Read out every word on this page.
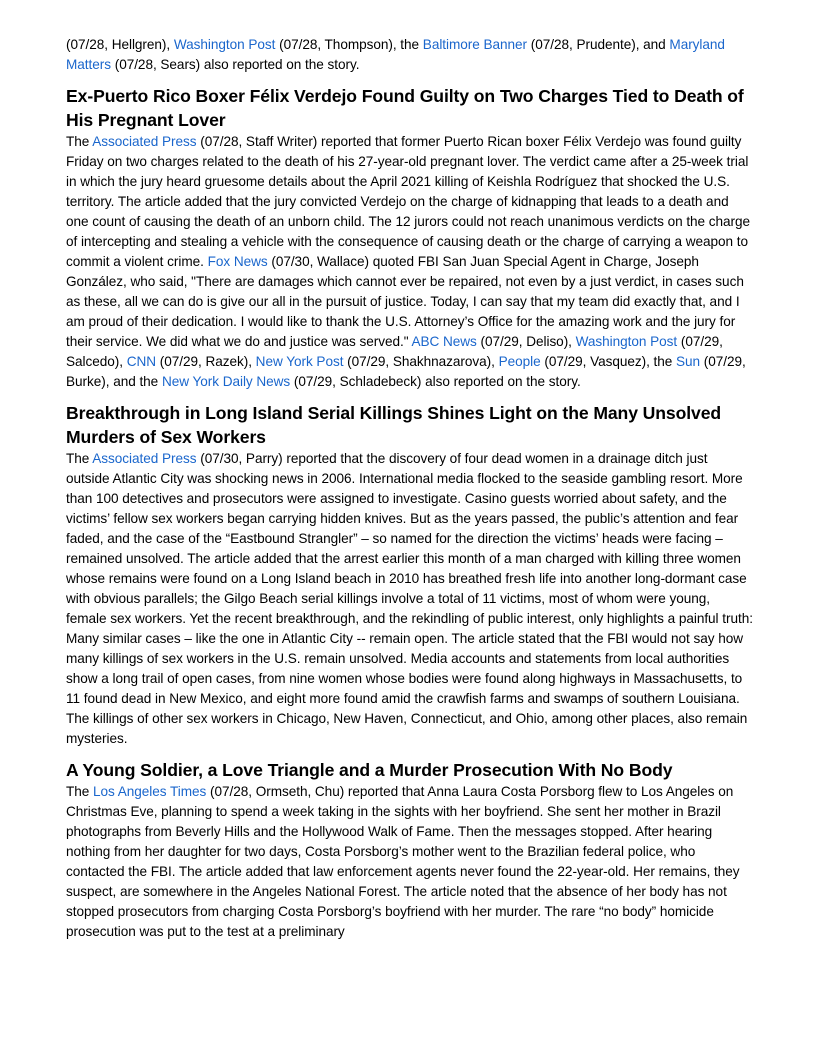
(07/28, Hellgren), Washington Post (07/28, Thompson), the Baltimore Banner (07/28, Prudente), and Maryland Matters (07/28, Sears) also reported on the story.

Ex-Puerto Rico Boxer Félix Verdejo Found Guilty on Two Charges Tied to Death of His Pregnant Lover

The Associated Press (07/28, Staff Writer) reported that former Puerto Rican boxer Félix Verdejo was found guilty Friday on two charges related to the death of his 27-year-old pregnant lover. The verdict came after a 25-week trial in which the jury heard gruesome details about the April 2021 killing of Keishla Rodríguez that shocked the U.S. territory. The article added that the jury convicted Verdejo on the charge of kidnapping that leads to a death and one count of causing the death of an unborn child. The 12 jurors could not reach unanimous verdicts on the charge of intercepting and stealing a vehicle with the consequence of causing death or the charge of carrying a weapon to commit a violent crime. Fox News (07/30, Wallace) quoted FBI San Juan Special Agent in Charge, Joseph González, who said, "There are damages which cannot ever be repaired, not even by a just verdict, in cases such as these, all we can do is give our all in the pursuit of justice. Today, I can say that my team did exactly that, and I am proud of their dedication. I would like to thank the U.S. Attorney’s Office for the amazing work and the jury for their service. We did what we do and justice was served." ABC News (07/29, Deliso), Washington Post (07/29, Salcedo), CNN (07/29, Razek), New York Post (07/29, Shakhnazarova), People (07/29, Vasquez), the Sun (07/29, Burke), and the New York Daily News (07/29, Schladebeck) also reported on the story.

Breakthrough in Long Island Serial Killings Shines Light on the Many Unsolved Murders of Sex Workers

The Associated Press (07/30, Parry) reported that the discovery of four dead women in a drainage ditch just outside Atlantic City was shocking news in 2006. International media flocked to the seaside gambling resort. More than 100 detectives and prosecutors were assigned to investigate. Casino guests worried about safety, and the victims’ fellow sex workers began carrying hidden knives. But as the years passed, the public’s attention and fear faded, and the case of the “Eastbound Strangler” – so named for the direction the victims’ heads were facing – remained unsolved. The article added that the arrest earlier this month of a man charged with killing three women whose remains were found on a Long Island beach in 2010 has breathed fresh life into another long-dormant case with obvious parallels; the Gilgo Beach serial killings involve a total of 11 victims, most of whom were young, female sex workers. Yet the recent breakthrough, and the rekindling of public interest, only highlights a painful truth: Many similar cases – like the one in Atlantic City -- remain open. The article stated that the FBI would not say how many killings of sex workers in the U.S. remain unsolved. Media accounts and statements from local authorities show a long trail of open cases, from nine women whose bodies were found along highways in Massachusetts, to 11 found dead in New Mexico, and eight more found amid the crawfish farms and swamps of southern Louisiana. The killings of other sex workers in Chicago, New Haven, Connecticut, and Ohio, among other places, also remain mysteries.

A Young Soldier, a Love Triangle and a Murder Prosecution With No Body

The Los Angeles Times (07/28, Ormseth, Chu) reported that Anna Laura Costa Porsborg flew to Los Angeles on Christmas Eve, planning to spend a week taking in the sights with her boyfriend. She sent her mother in Brazil photographs from Beverly Hills and the Hollywood Walk of Fame. Then the messages stopped. After hearing nothing from her daughter for two days, Costa Porsborg’s mother went to the Brazilian federal police, who contacted the FBI. The article added that law enforcement agents never found the 22-year-old. Her remains, they suspect, are somewhere in the Angeles National Forest. The article noted that the absence of her body has not stopped prosecutors from charging Costa Porsborg’s boyfriend with her murder. The rare “no body” homicide prosecution was put to the test at a preliminary
